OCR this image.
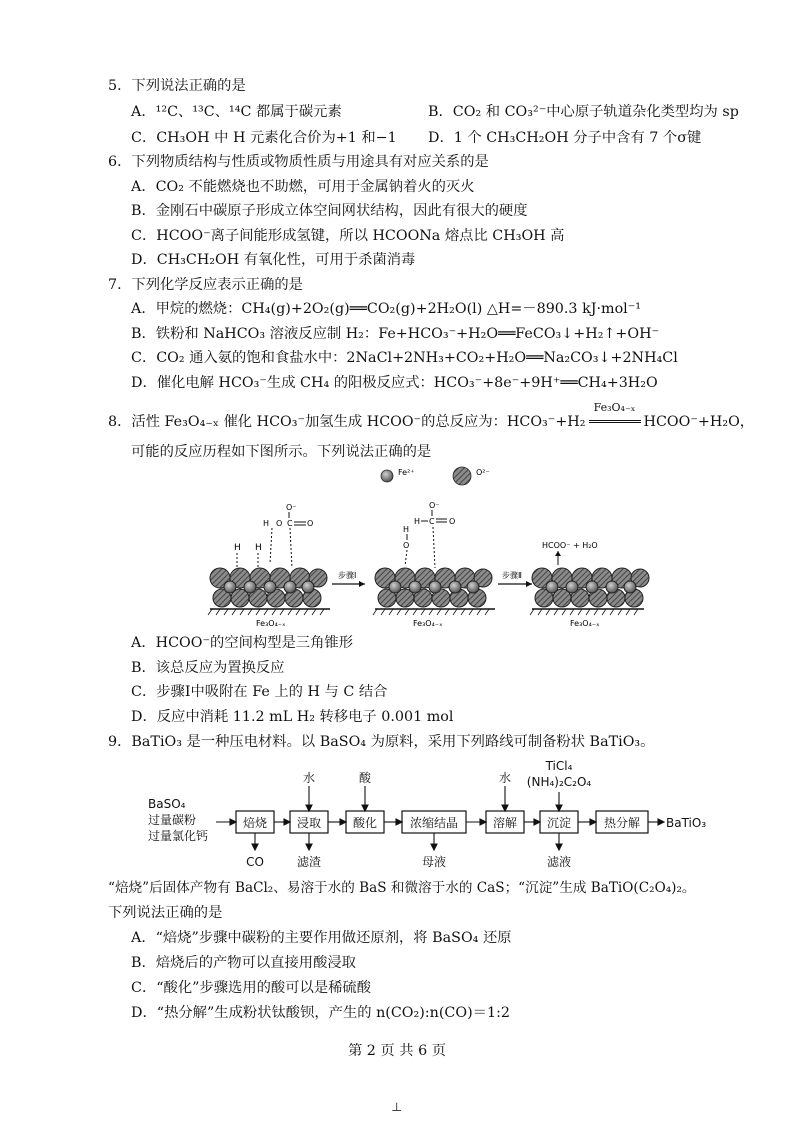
5．下列说法正确的是
A．¹²C、¹³C、¹⁴C 都属于碳元素	B．CO₂ 和 CO₃²⁻中心原子轨道杂化类型均为 sp
C．CH₃OH 中 H 元素化合价为+1 和−1 D．1 个 CH₃CH₂OH 分子中含有 7 个σ键
6．下列物质结构与性质或物质性质与用途具有对应关系的是
A．CO₂ 不能燃烧也不助燃，可用于金属钠着火的灭火
B．金刚石中碳原子形成立体空间网状结构，因此有很大的硬度
C．HCOO⁻离子间能形成氢键，所以 HCOONa 熔点比 CH₃OH 高
D．CH₃CH₂OH 有氧化性，可用于杀菌消毒
7．下列化学反应表示正确的是
A．甲烷的燃烧：CH₄(g)+2O₂(g)══CO₂(g)+2H₂O(l) △H=－890.3 kJ·mol⁻¹
B．铁粉和 NaHCO₃ 溶液反应制 H₂：Fe+HCO₃⁻+H₂O══FeCO₃↓+H₂↑+OH⁻
C．CO₂ 通入氨的饱和食盐水中：2NaCl+2NH₃+CO₂+H₂O══Na₂CO₃↓+2NH₄Cl
D．催化电解 HCO₃⁻生成 CH₄ 的阳极反应式：HCO₃⁻+8e⁻+9H⁺══CH₄+3H₂O
8．活性 Fe₃O₄₋ₓ 催化 HCO₃⁻加氢生成 HCOO⁻的总反应为：HCO₃⁻+H₂
Fe₃O₄₋ₓ
HCOO⁻+H₂O，
可能的反应历程如下图所示。下列说法正确的是
Fe²⁺	O²⁻
Fe₃O₄₋ₓ
H H
O⁻
H O C O
步骤Ⅰ
Fe₃O₄₋ₓ
O⁻
H C O
H
O
步骤Ⅱ
Fe₃O₄₋ₓ
HCOO⁻ + H₂O
A．HCOO⁻的空间构型是三角锥形
B．该总反应为置换反应
C．步骤Ⅰ中吸附在 Fe 上的 H 与 C 结合
D．反应中消耗 11.2 mL H₂ 转移电子 0.001 mol
9．BaTiO₃ 是一种压电材料。以 BaSO₄ 为原料，采用下列路线可制备粉状 BaTiO₃。
BaSO₄
过量碳粉
过量氯化钙
焙烧 浸取	酸化	浓缩结晶	溶解 沉淀	热分解
水	酸	水
TiCl₄
(NH₄)₂C₂O₄
CO	滤渣	母液	滤液
BaTiO₃
“焙烧”后固体产物有 BaCl₂、易溶于水的 BaS 和微溶于水的 CaS；“沉淀”生成 BaTiO(C₂O₄)₂。
下列说法正确的是
A．“焙烧”步骤中碳粉的主要作用做还原剂，将 BaSO₄ 还原
B．焙烧后的产物可以直接用酸浸取
C．“酸化”步骤选用的酸可以是稀硫酸
D．“热分解”生成粉状钛酸钡，产生的 n(CO₂):n(CO)＝1:2
第 2 页 共 6 页
⊥
